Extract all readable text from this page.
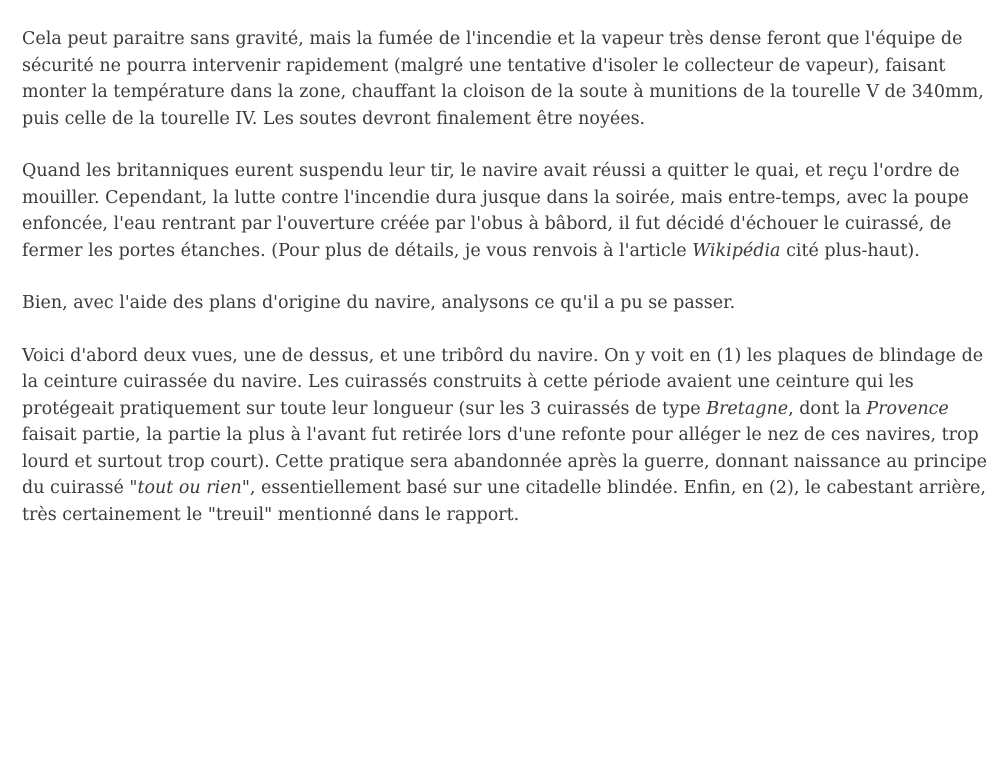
Cela peut paraitre sans gravité, mais la fumée de l'incendie et la vapeur très dense feront que l'équipe de sécurité ne pourra intervenir rapidement (malgré une tentative d'isoler le collecteur de vapeur), faisant monter la température dans la zone, chauffant la cloison de la soute à munitions de la tourelle V de 340mm, puis celle de la tourelle IV. Les soutes devront finalement être noyées.

Quand les britanniques eurent suspendu leur tir, le navire avait réussi a quitter le quai, et reçu l'ordre de mouiller. Cependant, la lutte contre l'incendie dura jusque dans la soirée, mais entre-temps, avec la poupe enfoncée, l'eau rentrant par l'ouverture créée par l'obus à bâbord, il fut décidé d'échouer le cuirassé, de fermer les portes étanches. (Pour plus de détails, je vous renvois à l'article Wikipédia cité plus-haut).

Bien, avec l'aide des plans d'origine du navire, analysons ce qu'il a pu se passer.

Voici d'abord deux vues, une de dessus, et une tribôrd du navire. On y voit en (1) les plaques de blindage de la ceinture cuirassée du navire. Les cuirassés construits à cette période avaient une ceinture qui les protégeait pratiquement sur toute leur longueur (sur les 3 cuirassés de type Bretagne, dont la Provence faisait partie, la partie la plus à l'avant fut retirée lors d'une refonte pour alléger le nez de ces navires, trop lourd et surtout trop court). Cette pratique sera abandonnée après la guerre, donnant naissance au principe du cuirassé "tout ou rien", essentiellement basé sur une citadelle blindée. Enfin, en (2), le cabestant arrière, très certainement le "treuil" mentionné dans le rapport.
